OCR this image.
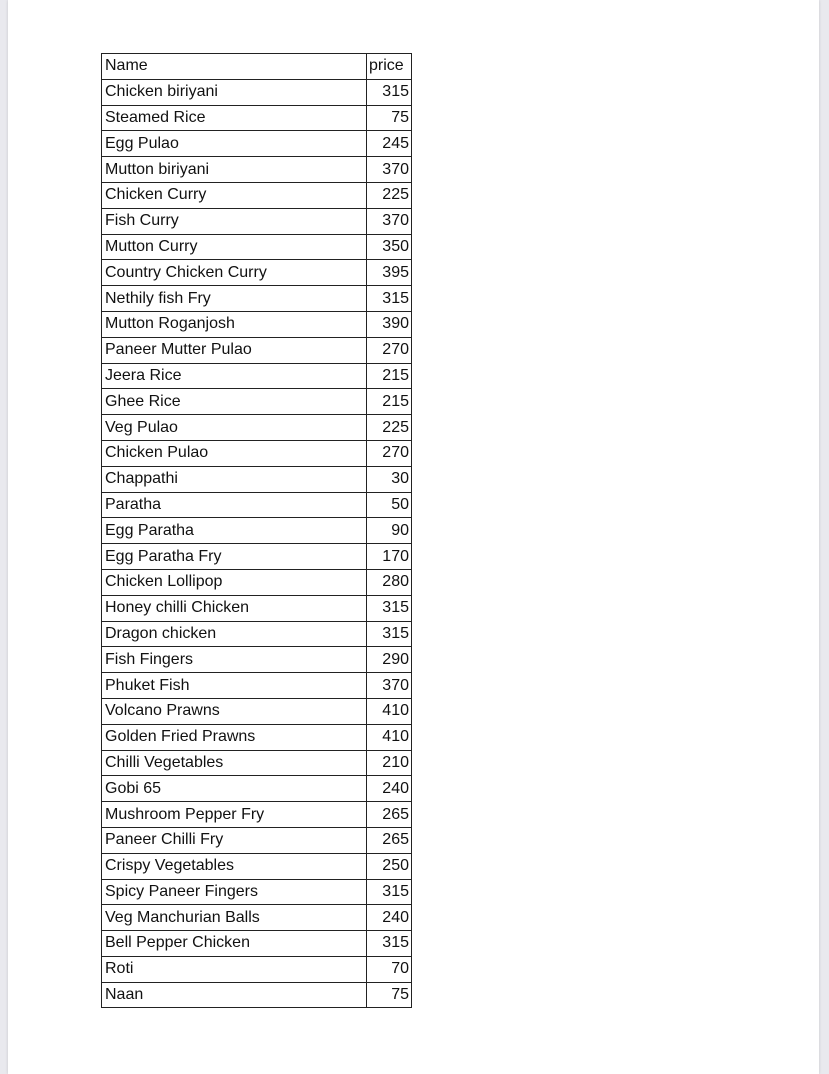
Name	price
Chicken biriyani	315
Steamed Rice	75
Egg Pulao	245
Mutton biriyani	370
Chicken Curry	225
Fish Curry	370
Mutton Curry	350
Country Chicken Curry	395
Nethily fish Fry	315
Mutton Roganjosh	390
Paneer Mutter Pulao	270
Jeera Rice	215
Ghee Rice	215
Veg Pulao	225
Chicken Pulao	270
Chappathi	30
Paratha	50
Egg Paratha	90
Egg Paratha Fry	170
Chicken Lollipop	280
Honey chilli Chicken	315
Dragon chicken	315
Fish Fingers	290
Phuket Fish	370
Volcano Prawns	410
Golden Fried Prawns	410
Chilli Vegetables	210
Gobi 65	240
Mushroom Pepper Fry	265
Paneer Chilli Fry	265
Crispy Vegetables	250
Spicy Paneer Fingers	315
Veg Manchurian Balls	240
Bell Pepper Chicken	315
Roti	70
Naan	75
